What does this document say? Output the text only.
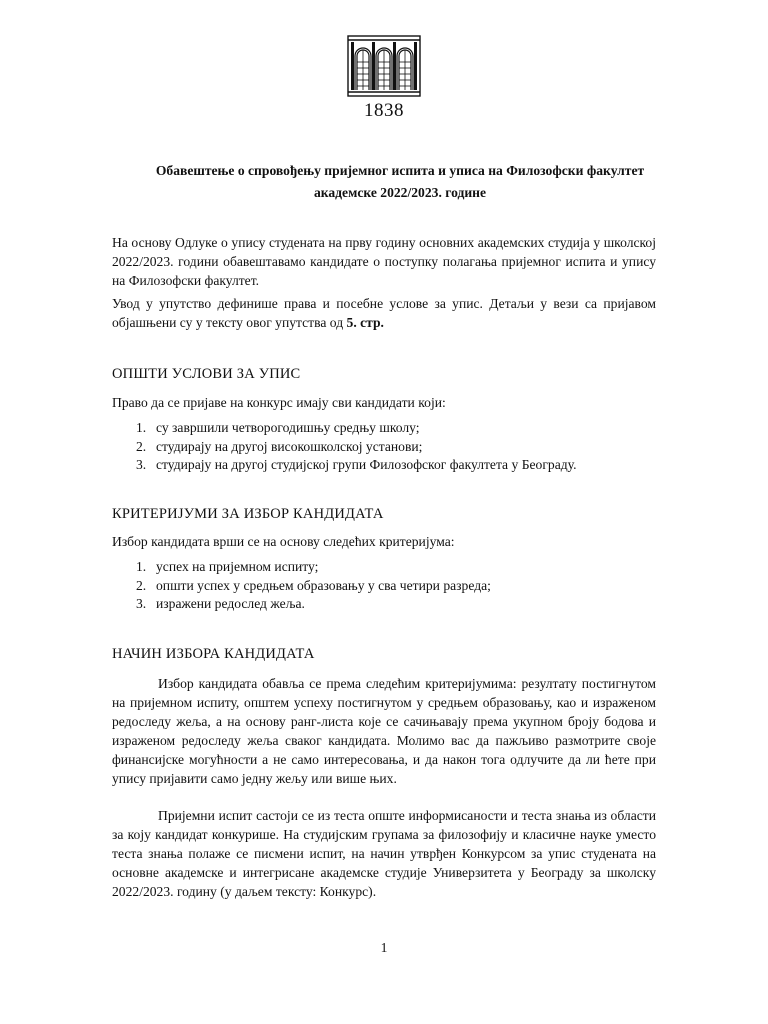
1838
Обавештење о спровођењу пријемног испита и уписа на Филозофски факултет
академске 2022/2023. године
На основу Одлуке о упису студената на прву годину основних академских студија у школској 2022/2023. години обавештавамо кандидате о поступку полагања пријемног испита и упису на Филозофски факултет.
Увод у упутство дефинише права и посебне услове за упис. Детаљи у вези са пријавом објашњени су у тексту овог упутства од 5. стр.
ОПШТИ УСЛОВИ ЗА УПИС
Право да се пријаве на конкурс имају сви кандидати који:
1. су завршили четворогодишњу средњу школу;
2. студирају на другој високошколској установи;
3. студирају на другој студијској групи Филозофског факултета у Београду.
КРИТЕРИЈУМИ ЗА ИЗБОР КАНДИДАТА
Избор кандидата врши се на основу следећих критеријума:
1. успех на пријемном испиту;
2. општи успех у средњем образовању у сва четири разреда;
3. изражени редослед жеља.
НАЧИН ИЗБОРА КАНДИДАТА
Избор кандидата обавља се према следећим критеријумима: резултату постигнутом на пријемном испиту, општем успеху постигнутом у средњем образовању, као и израженом редоследу жеља, а на основу ранг-листа које се сачињавају према укупном броју бодова и израженом редоследу жеља сваког кандидата. Молимо вас да пажљиво размотрите своје финансијске могућности а не само интересовања, и да након тога одлучите да ли ћете при упису пријавити само једну жељу или више њих.
Пријемни испит састоји се из теста опште информисаности и теста знања из области за коју кандидат конкурише. На студијским групама за филозофију и класичне науке уместо теста знања полаже се писмени испит, на начин утврђен Конкурсом за упис студената на основне академске и интегрисане академске студије Универзитета у Београду за школску 2022/2023. годину (у даљем тексту: Конкурс).
1
